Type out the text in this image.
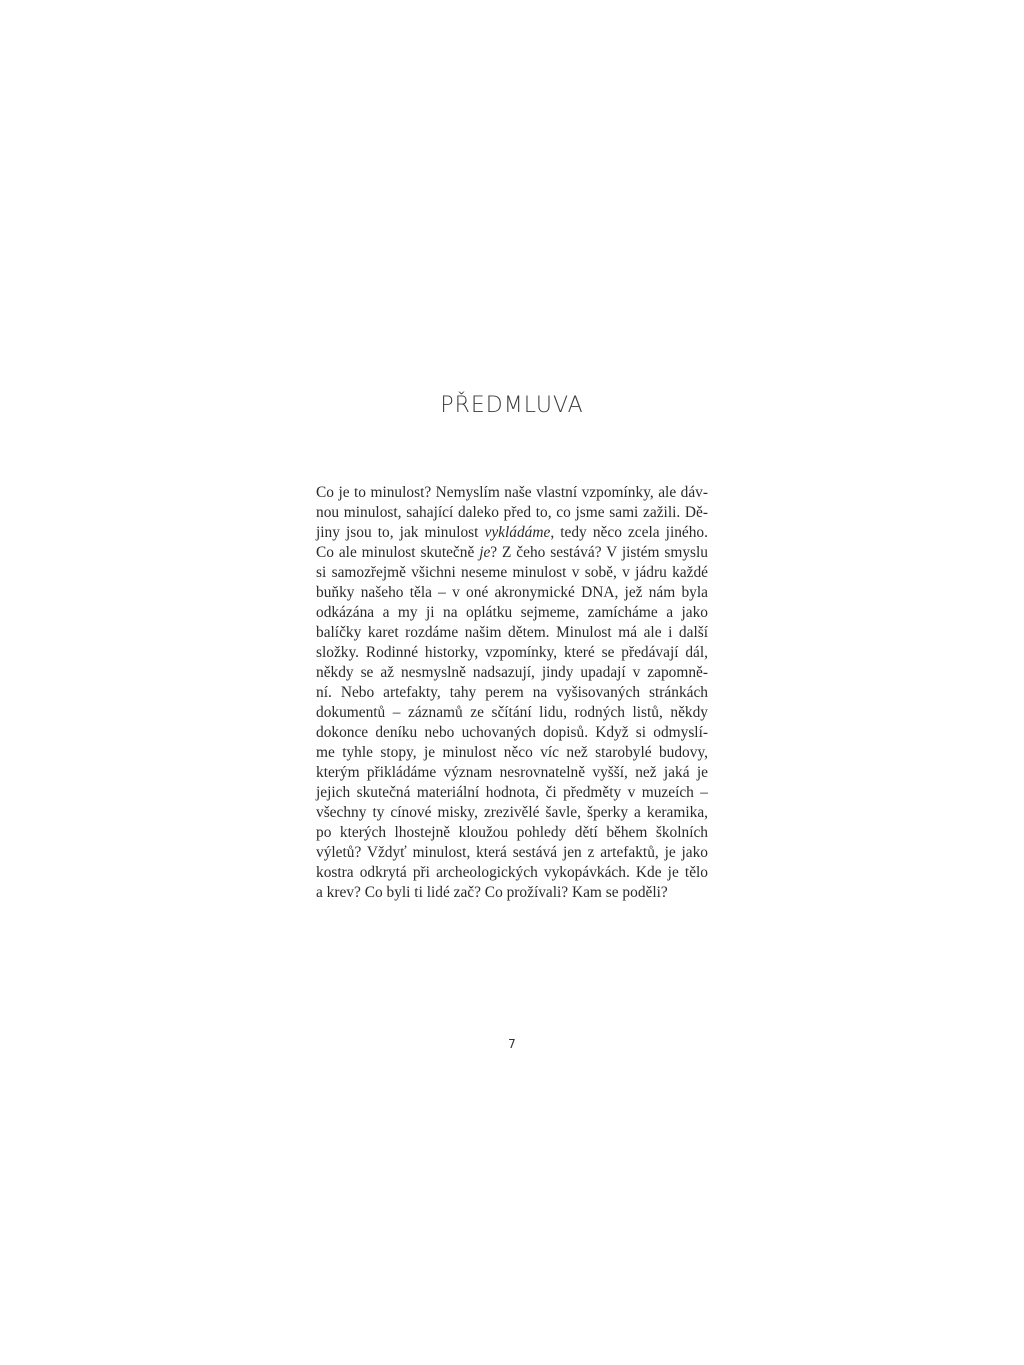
PŘEDMLUVA
Co je to minulost? Nemyslím naše vlastní vzpomínky, ale dáv-
nou minulost, sahající daleko před to, co jsme sami zažili. Dě-
jiny jsou to, jak minulost vykládáme, tedy něco zcela jiného.
Co ale minulost skutečně je? Z čeho sestává? V jistém smyslu
si samozřejmě všichni neseme minulost v sobě, v jádru každé
buňky našeho těla – v oné akronymické DNA, jež nám byla
odkázána a my ji na oplátku sejmeme, zamícháme a jako
balíčky karet rozdáme našim dětem. Minulost má ale i další
složky. Rodinné historky, vzpomínky, které se předávají dál,
někdy se až nesmyslně nadsazují, jindy upadají v zapomně-
ní. Nebo artefakty, tahy perem na vyšisovaných stránkách
dokumentů – záznamů ze sčítání lidu, rodných listů, někdy
dokonce deníku nebo uchovaných dopisů. Když si odmyslí-
me tyhle stopy, je minulost něco víc než starobylé budovy,
kterým přikládáme význam nesrovnatelně vyšší, než jaká je
jejich skutečná materiální hodnota, či předměty v muzeích –
všechny ty cínové misky, zrezivělé šavle, šperky a keramika,
po kterých lhostejně kloužou pohledy dětí během školních
výletů? Vždyť minulost, která sestává jen z artefaktů, je jako
kostra odkrytá při archeologických vykopávkách. Kde je tělo
a krev? Co byli ti lidé zač? Co prožívali? Kam se poděli?
7
